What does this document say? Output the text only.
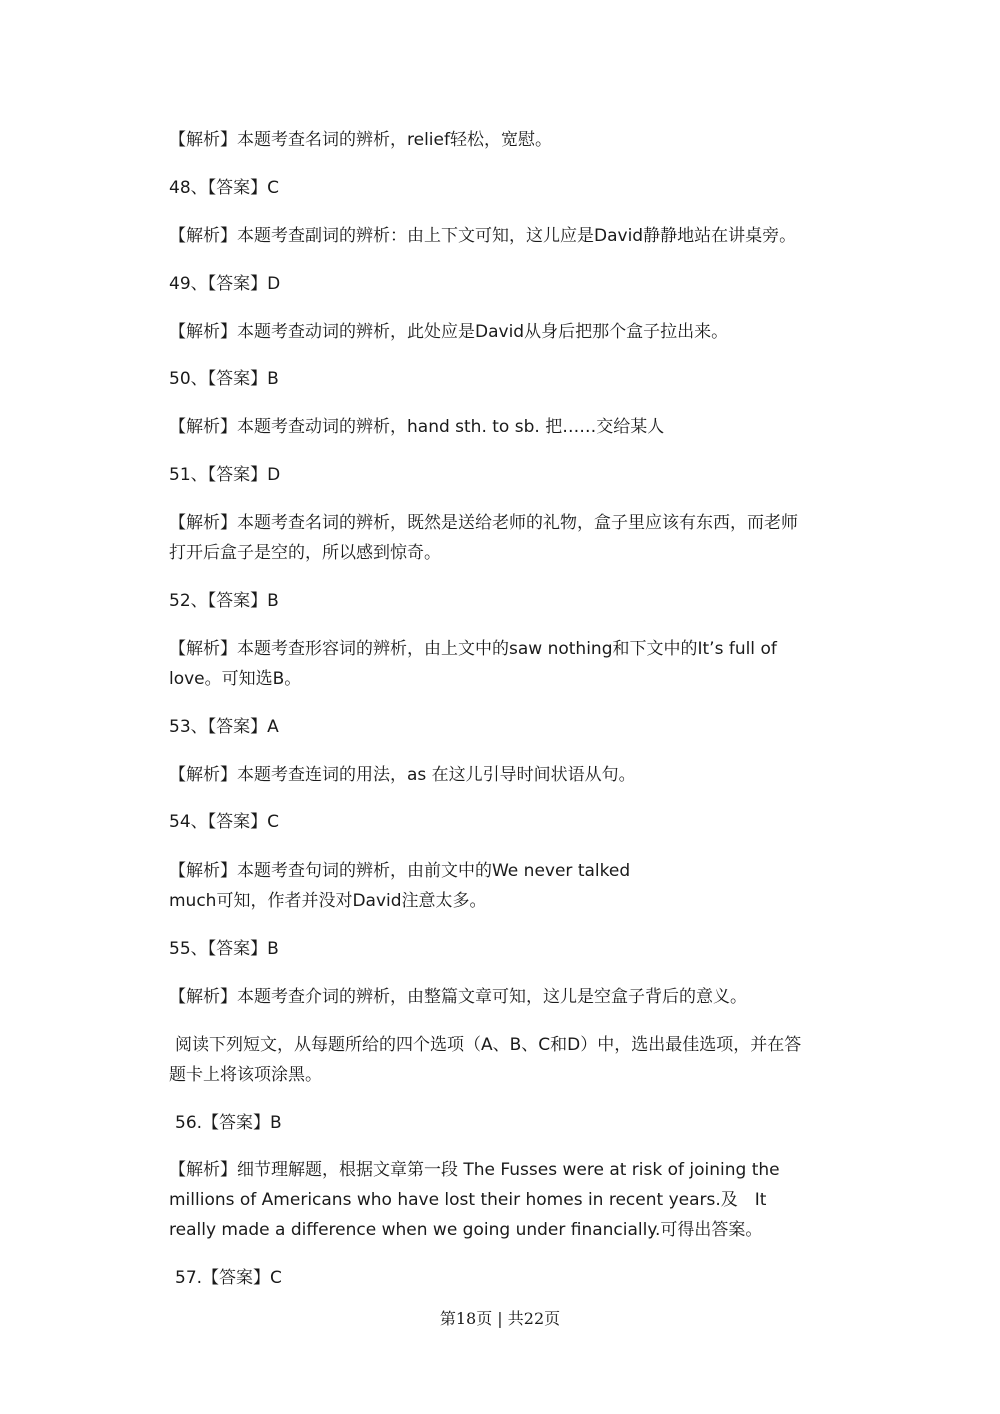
【解析】本题考查名词的辨析，relief轻松，宽慰。
48、【答案】C
【解析】本题考查副词的辨析：由上下文可知，这儿应是David静静地站在讲桌旁。
49、【答案】D
【解析】本题考查动词的辨析，此处应是David从身后把那个盒子拉出来。
50、【答案】B
【解析】本题考查动词的辨析，hand sth. to sb. 把……交给某人
51、【答案】D
【解析】本题考查名词的辨析，既然是送给老师的礼物，盒子里应该有东西，而老师
打开后盒子是空的，所以感到惊奇。
52、【答案】B
【解析】本题考查形容词的辨析，由上文中的saw nothing和下文中的It’s full of
love。可知选B。
53、【答案】A
【解析】本题考查连词的用法，as 在这儿引导时间状语从句。
54、【答案】C
【解析】本题考查句词的辨析，由前文中的We never talked
much可知，作者并没对David注意太多。
55、【答案】B
【解析】本题考查介词的辨析，由整篇文章可知，这儿是空盒子背后的意义。
阅读下列短文，从每题所给的四个选项（A、B、C和D）中，选出最佳选项，并在答
题卡上将该项涂黑。
56.【答案】B
【解析】细节理解题，根据文章第一段 The Fusses were at risk of joining the
millions of Americans who have lost their homes in recent years.及　It
really made a difference when we going under financially.可得出答案。
57.【答案】C
第18页 | 共22页
